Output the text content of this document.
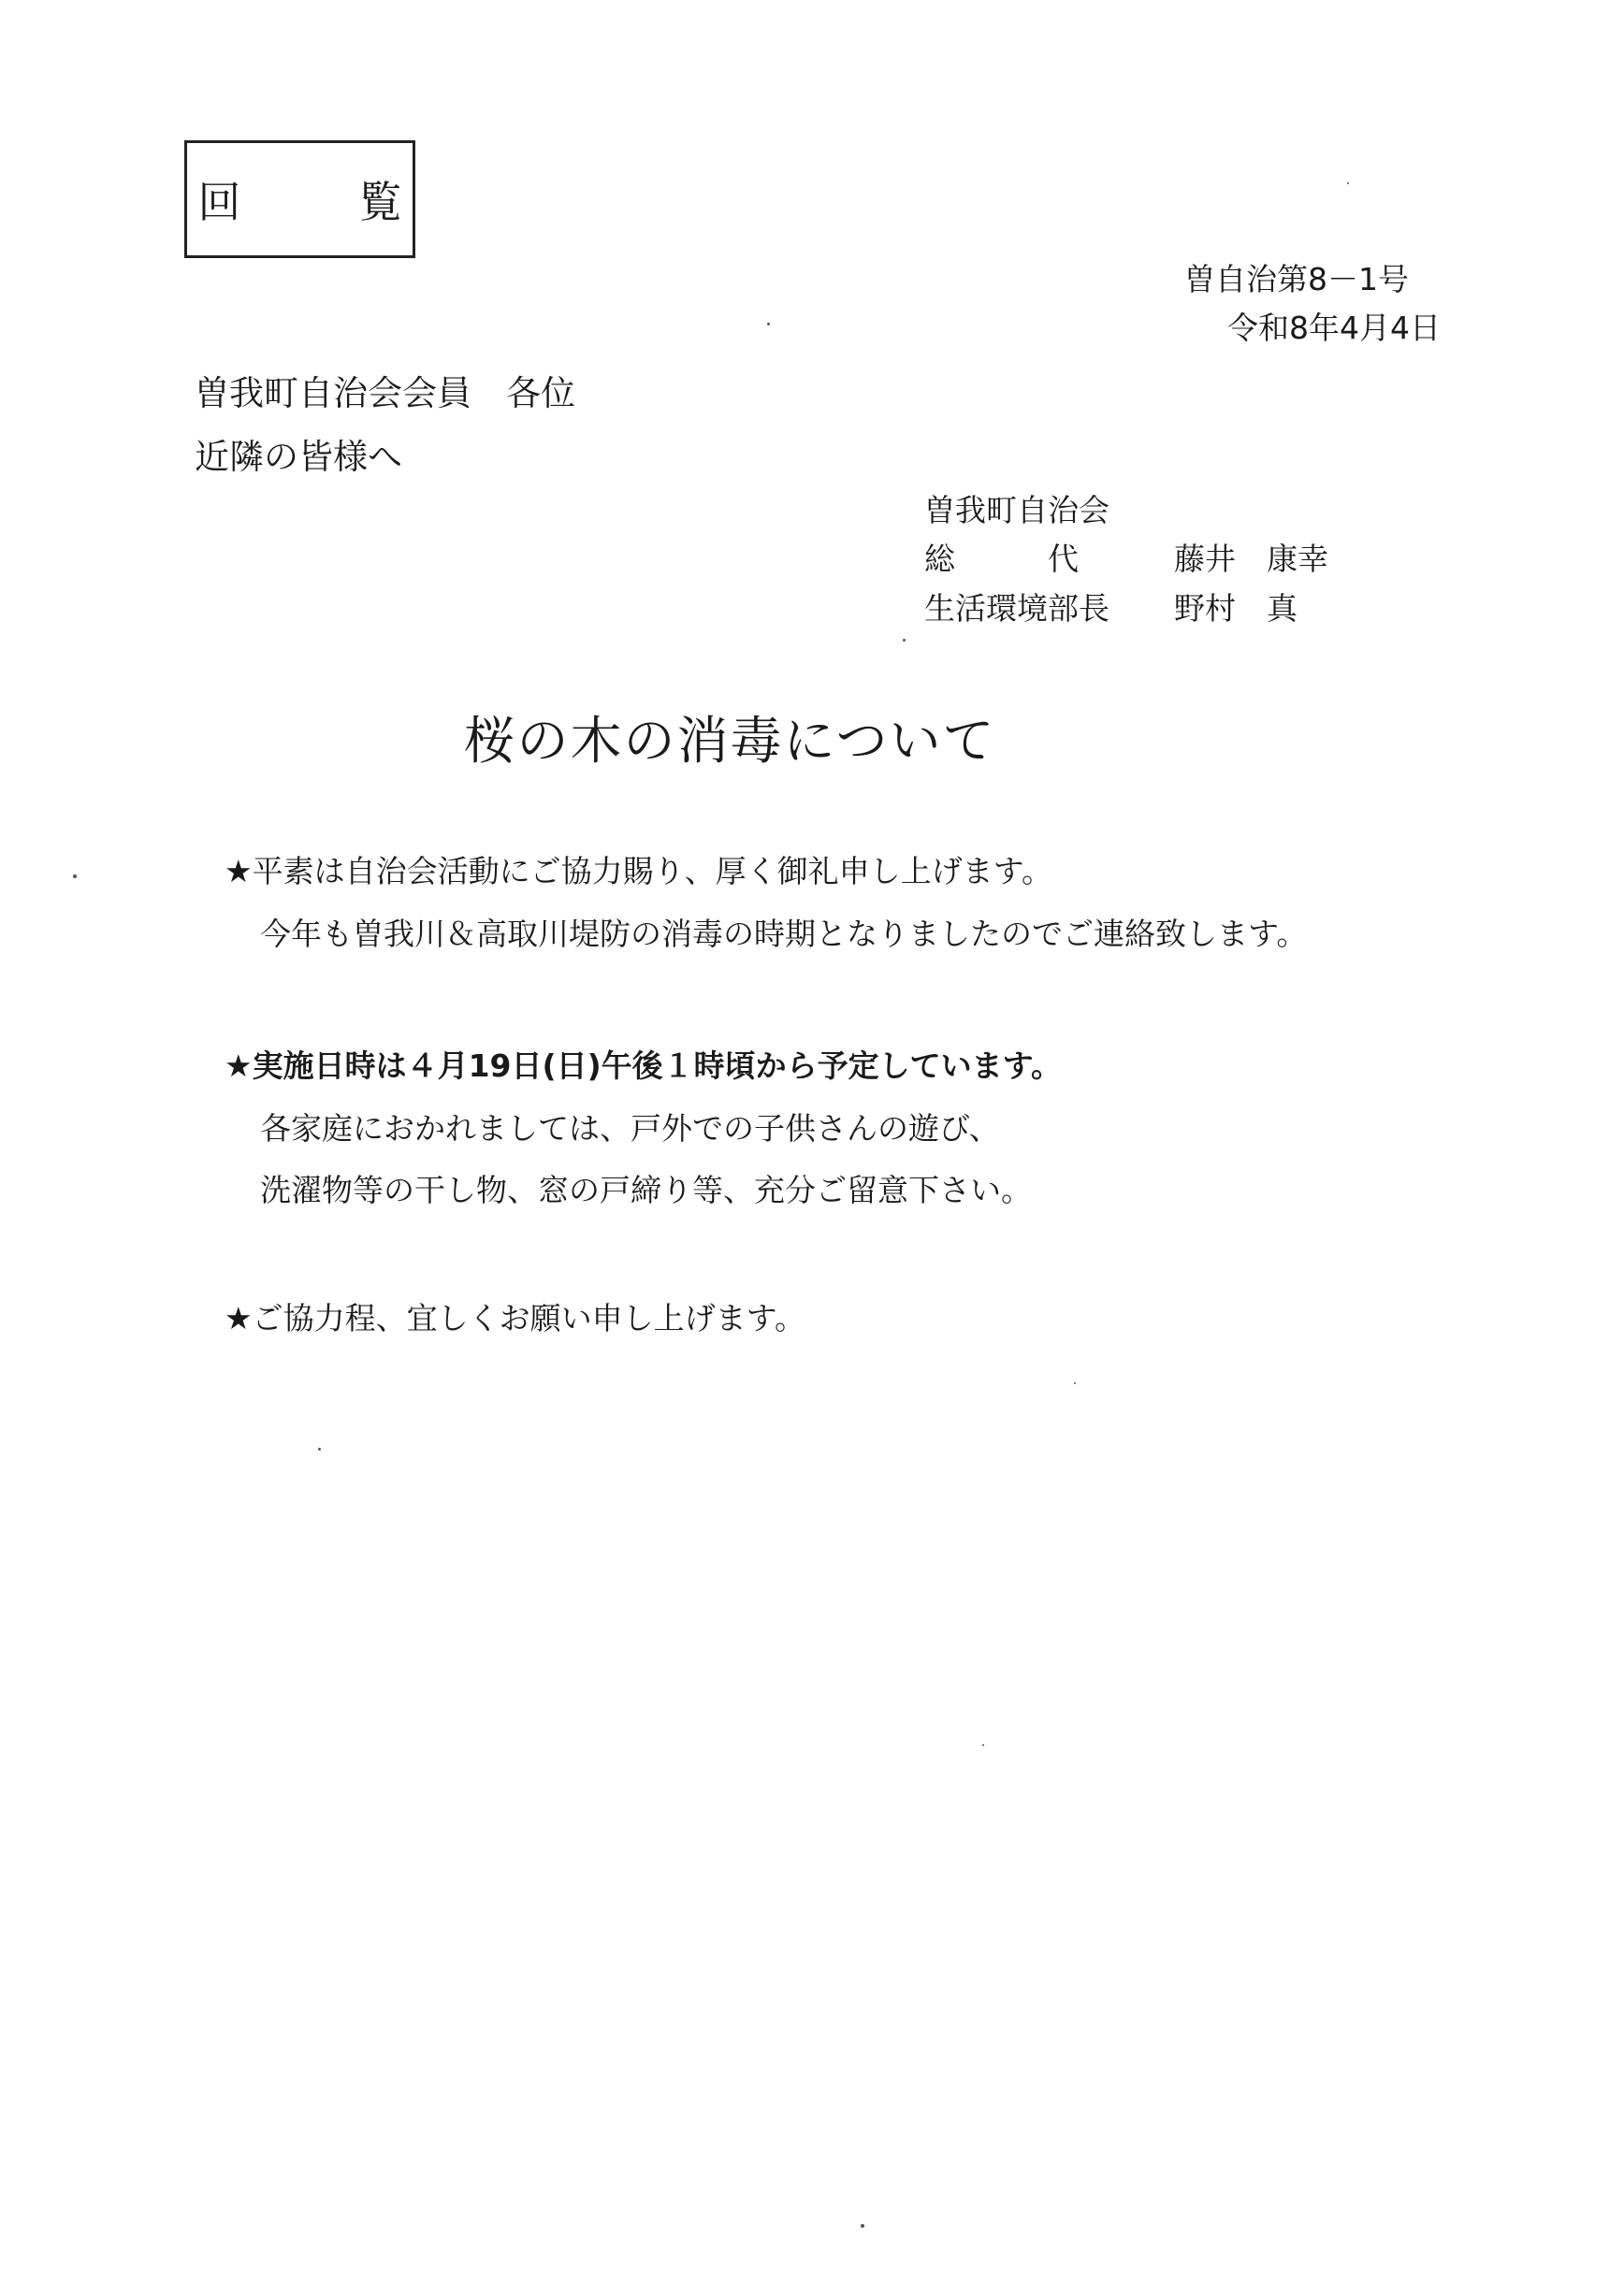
回　覧
曽自治第8－1号
令和8年4月4日
曽我町自治会会員　各位
近隣の皆様へ
曽我町自治会
総　　　代	藤井　康幸
生活環境部長 野村　真
桜の木の消毒について
★平素は自治会活動にご協力賜り、厚く御礼申し上げます。
今年も曽我川＆高取川堤防の消毒の時期となりましたのでご連絡致します。
★実施日時は４月19日(日)午後１時頃から予定しています。
各家庭におかれましては、戸外での子供さんの遊び、
洗濯物等の干し物、窓の戸締り等、充分ご留意下さい。
★ご協力程、宜しくお願い申し上げます。
